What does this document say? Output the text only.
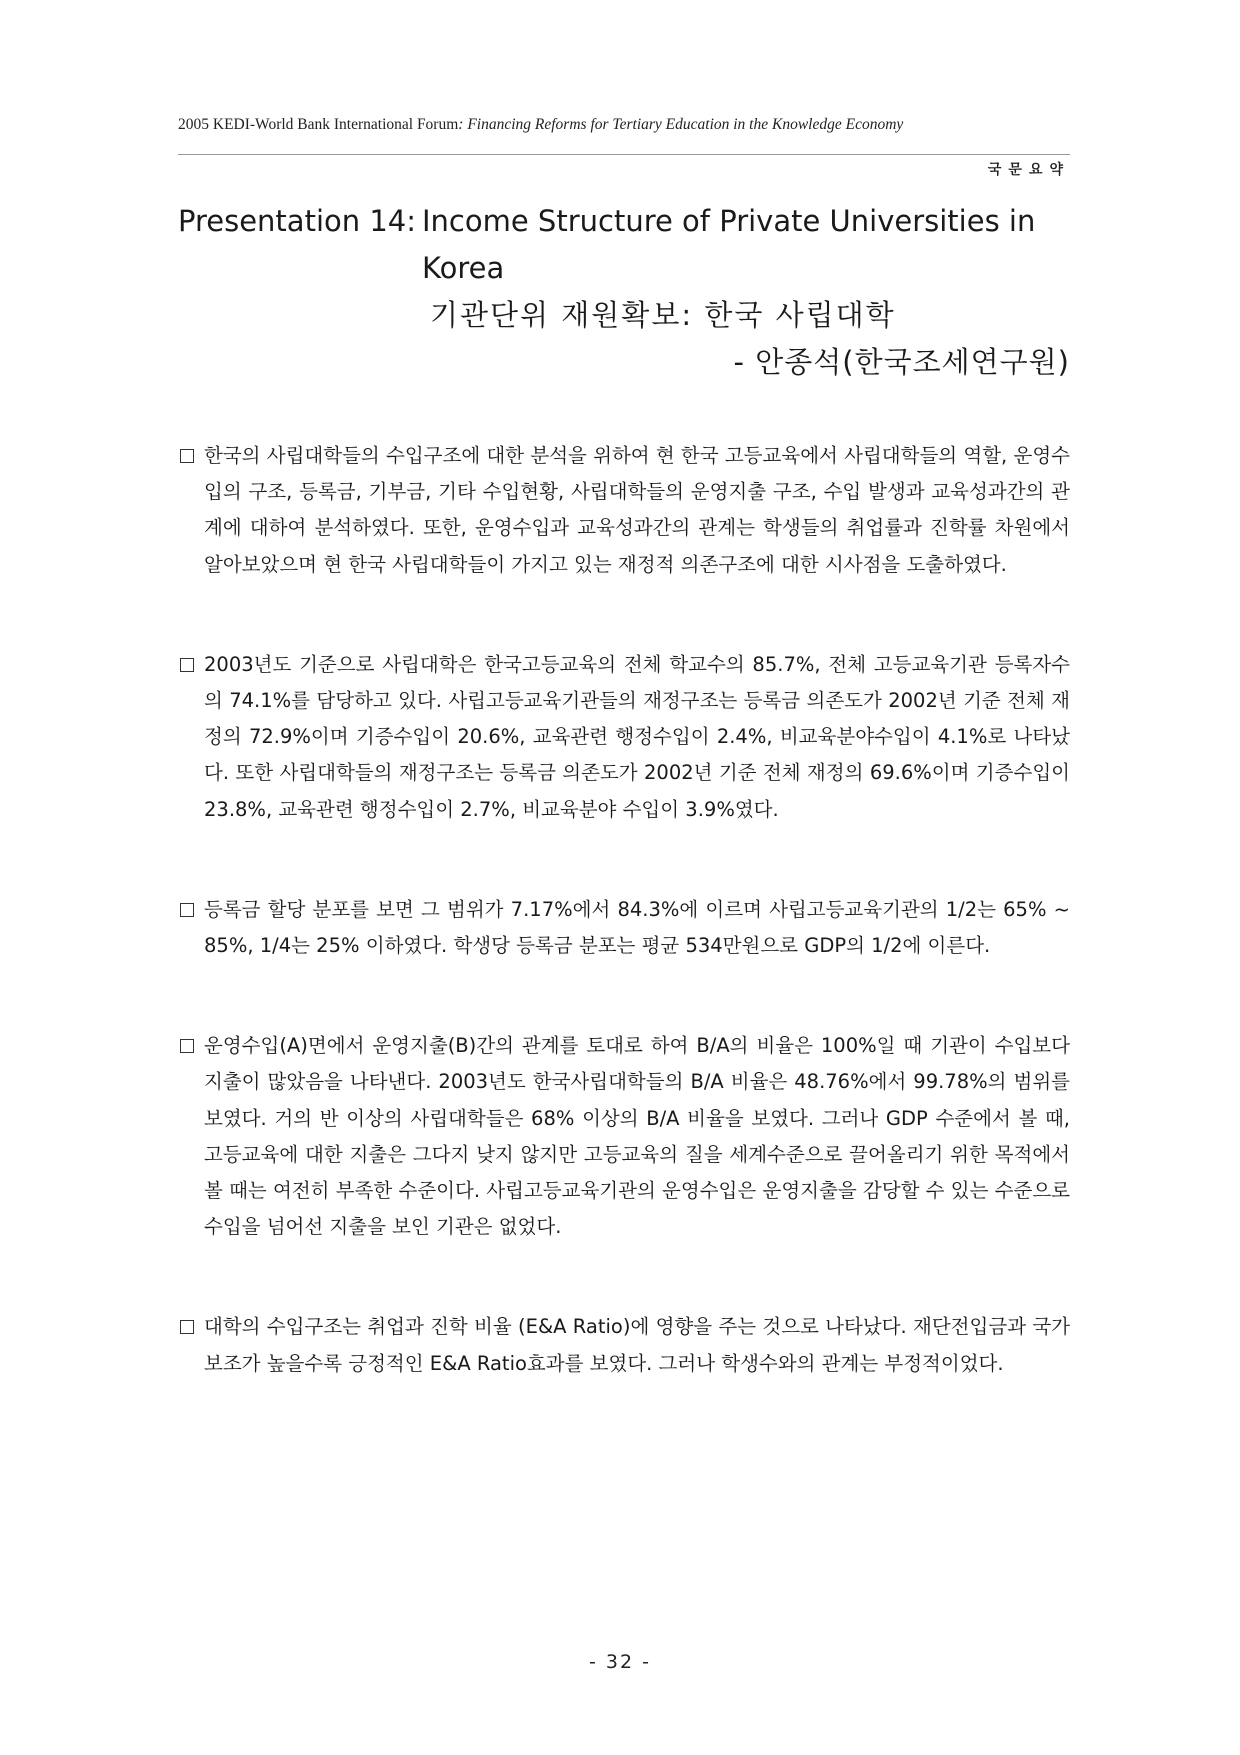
2005 KEDI-World Bank International Forum: Financing Reforms for Tertiary Education in the Knowledge Economy
국문요약
Presentation 14: Income Structure of Private Universities in
Korea
기관단위 재원확보: 한국 사립대학
- 안종석(한국조세연구원)

한국의 사립대학들의 수입구조에 대한 분석을 위하여 현 한국 고등교육에서 사립대학들의 역할, 운영수입의 구조, 등록금, 기부금, 기타 수입현황, 사립대학들의 운영지출 구조, 수입 발생과 교육성과간의 관계에 대하여 분석하였다. 또한, 운영수입과 교육성과간의 관계는 학생들의 취업률과 진학률 차원에서 알아보았으며 현 한국 사립대학들이 가지고 있는 재정적 의존구조에 대한 시사점을 도출하였다.

2003년도 기준으로 사립대학은 한국고등교육의 전체 학교수의 85.7%, 전체 고등교육기관 등록자수의 74.1%를 담당하고 있다. 사립고등교육기관들의 재정구조는 등록금 의존도가 2002년 기준 전체 재정의 72.9%이며 기증수입이 20.6%, 교육관련 행정수입이 2.4%, 비교육분야수입이 4.1%로 나타났다. 또한 사립대학들의 재정구조는 등록금 의존도가 2002년 기준 전체 재정의 69.6%이며 기증수입이 23.8%, 교육관련 행정수입이 2.7%, 비교육분야 수입이 3.9%였다.

등록금 할당 분포를 보면 그 범위가 7.17%에서 84.3%에 이르며 사립고등교육기관의 1/2는 65% ~ 85%, 1/4는 25% 이하였다. 학생당 등록금 분포는 평균 534만원으로 GDP의 1/2에 이른다.

운영수입(A)면에서 운영지출(B)간의 관계를 토대로 하여 B/A의 비율은 100%일 때 기관이 수입보다 지출이 많았음을 나타낸다. 2003년도 한국사립대학들의 B/A 비율은 48.76%에서 99.78%의 범위를 보였다. 거의 반 이상의 사립대학들은 68% 이상의 B/A 비율을 보였다. 그러나 GDP 수준에서 볼 때, 고등교육에 대한 지출은 그다지 낮지 않지만 고등교육의 질을 세계수준으로 끌어올리기 위한 목적에서 볼 때는 여전히 부족한 수준이다. 사립고등교육기관의 운영수입은 운영지출을 감당할 수 있는 수준으로 수입을 넘어선 지출을 보인 기관은 없었다.

대학의 수입구조는 취업과 진학 비율 (E&A Ratio)에 영향을 주는 것으로 나타났다. 재단전입금과 국가보조가 높을수록 긍정적인 E&A Ratio효과를 보였다. 그러나 학생수와의 관계는 부정적이었다.

- 32 -
